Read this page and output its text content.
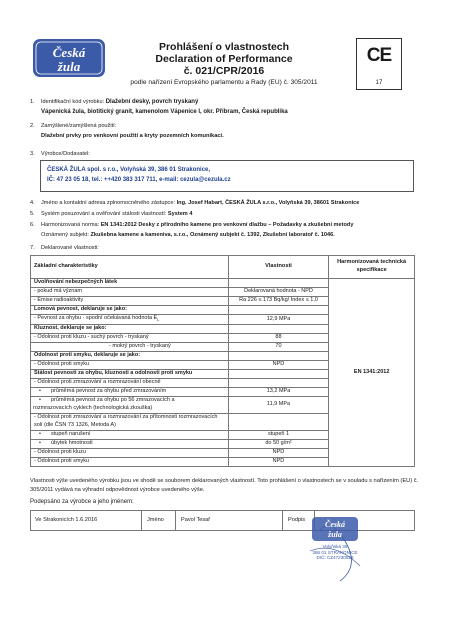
Česká
žula
Prohlášení o vlastnostech
Declaration of Performance
č. 021/CPR/2016
podle nařízení Evropského parlamentu a Rady (EU) č. 305/2011
CE
17
1. Identifikační kód výrobku: Dlažební desky, povrch tryskaný
Vápenická žula, biotitický granit, kamenolom Vápenice I, okr. Příbram, Česká republika
2. Zamýšlené/zamýšlená použití:
Dlažební prvky pro venkovní použití a kryty pozemních komunikací.
3. Výrobce/Dodavatel:
ČESKÁ ŽULA spol. s r.o., Volyňská 39, 386 01 Strakonice,
IČ: 47 23 05 18, tel.: ++420 383 317 711, e-mail: cezula@cezula.cz
4. Jméno a kontaktní adresa zplnomocněného zástupce: Ing. Josef Habart, ČESKÁ ŽULA s.r.o., Volyňská 39, 38601 Strakonice
5. Systém posuzování a ověřování stálosti vlastností: System 4
6. Harmonizovaná norma: EN 1341:2012 Desky z přírodního kamene pro venkovní dlažbu – Požadavky a zkušební metody
Oznámený subjekt: Zkušebna kamene a kameniva, s.r.o., Oznámený subjekt č. 1392, Zkušební laboratoř č. 1046.
7. Deklarované vlastnosti:
Základní charakteristiky	Vlastnosti	Harmonizovaná technická specifikace
Uvolňování nebezpečných látek		EN 1341:2012
- pokud má význam	Deklarovaná hodnota - NPD	
- Emise radioaktivity	Ra 226 ≤ 173 Bq/kg/ Index ≤ 1,0	
Lomová pevnost, deklaruje se jako:		
- Pevnost za ohybu - spodní očekávaná hodnota $E_L$	12,9 MPa	
Kluznost, deklaruje se jako:		
- Odolnost proti kluzu - suchý povrch - tryskaný	88	
- mokrý povrch - tryskaný	70	
Odolnost proti smyku, deklaruje se jako:		
- Odolnost proti smyku	NPD	
Stálost pevnosti za ohybu, kluznosti a odolnosti proti smyku		
- Odolnost proti zmrazování a rozmrazování obecně		
• průměrná pevnost za ohybu před zmrazováním	13,2 MPa	
• průměrná pevnost za ohybu po 56 zmrazovacích a rozmrazovacích cyklech (technologická zkouška)	11,9 MPa	
- Odolnost proti zmrazování a rozmrazování za přítomnosti rozmrazovacích solí (dle ČSN 73 1326, Metoda A)		
• stupeň narušení	stupeň 1	
• úbytek hmotnosti	do 50 g/m²	
- Odolnost proti kluzu	NPD	
- Odolnost proti smyku	NPD	
Vlastnosti výše uvedeného výrobku jsou ve shodě se souborem deklarovaných vlastností. Toto prohlášení o vlastnostech se v souladu s nařízením (EU) č. 305/2011 vydává na výhradní odpovědnost výrobce uvedeného výše.
Podepsáno za výrobce a jeho jménem:
Ve Strakonicích 1.6.2016	Jméno	Pavol Tesař	Podpis Česká
žula
Volyňská 39
386 01 STRAKONICE
DIČ: CZ47230518
